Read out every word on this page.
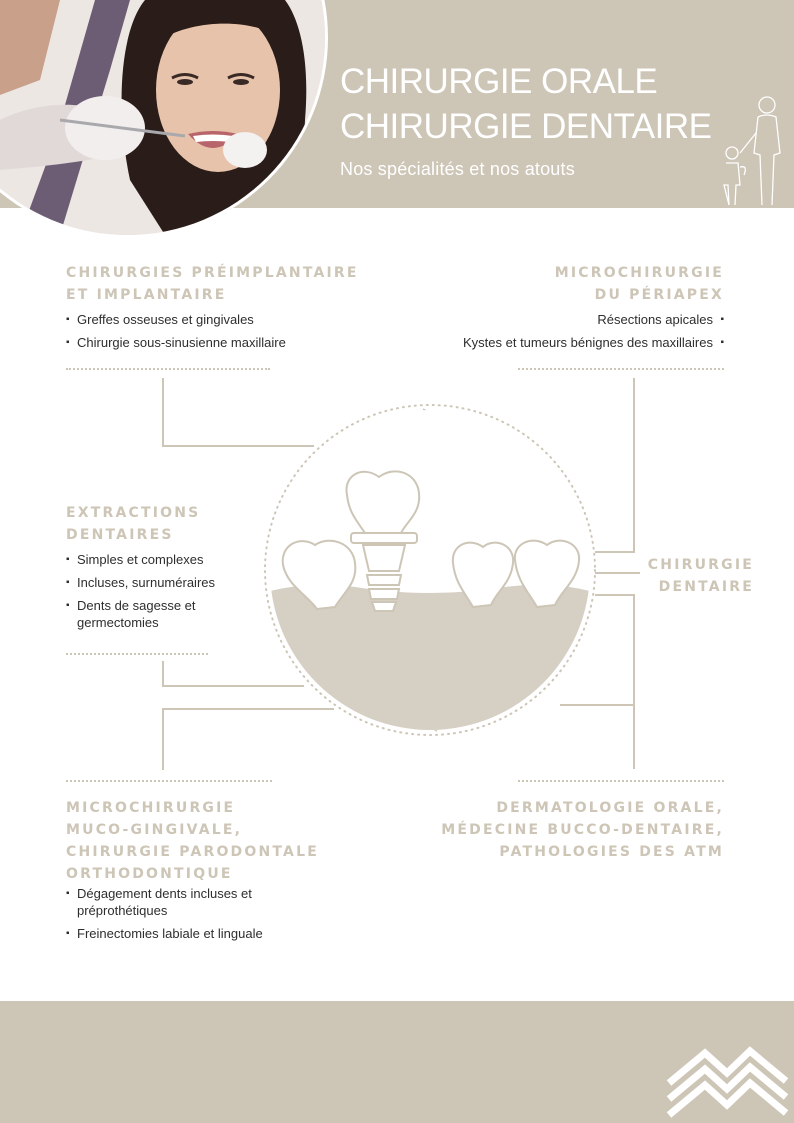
CHIRURGIE ORALE
CHIRURGIE DENTAIRE
Nos spécialités et nos atouts
CHIRURGIES PRÉIMPLANTAIRE
ET IMPLANTAIRE
▪ Greffes osseuses et gingivales
▪ Chirurgie sous-sinusienne maxillaire
MICROCHIRURGIE
DU PÉRIAPEX
Résections apicales ▪
Kystes et tumeurs bénignes des maxillaires ▪
EXTRACTIONS
DENTAIRES
▪ Simples et complexes
▪ Incluses, surnuméraires
▪ Dents de sagesse et germectomies
CHIRURGIE
DENTAIRE
MICROCHIRURGIE
MUCO-GINGIVALE,
CHIRURGIE PARODONTALE
ORTHODONTIQUE
▪ Dégagement dents incluses et préprothétiques
▪ Freinectomies labiale et linguale
DERMATOLOGIE ORALE,
MÉDECINE BUCCO-DENTAIRE,
PATHOLOGIES DES ATM
